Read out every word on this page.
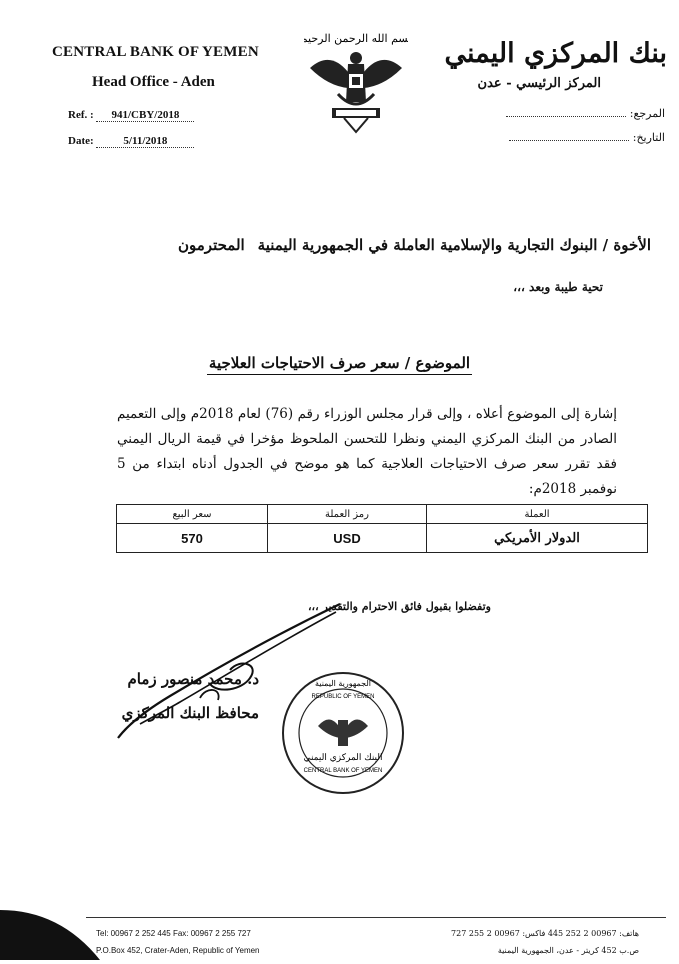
CENTRAL BANK OF YEMEN
Head Office - Aden
Ref. : 941/CBY/2018
Date:	5/11/2018
بسم الله الرحمن الرحيم بنك المركزي اليمني
المركز الرئيسي - عدن
المرجع:
التاريخ:
الأخوة / البنوك التجارية والإسلامية العاملة في الجمهورية اليمنية
المحترمون
تحية طيبة وبعد ،،،
الموضوع / سعر صرف الاحتياجات العلاجية
إشارة إلى الموضوع أعلاه ، وإلى قرار مجلس الوزراء رقم (76) لعام 2018م وإلى التعميم الصادر من البنك المركزي اليمني ونظرا للتحسن الملحوظ مؤخرا في قيمة الريال اليمني فقد تقرر سعر صرف الاحتياجات العلاجية كما هو موضح في الجدول أدناه ابتداء من 5 نوفمبر 2018م:
العملة	رمز العملة	سعر البيع
الدولار الأمريكي	USD	570
وتفضلوا بقبول فائق الاحترام والتقدير ،،،
د. محمد منصور زمام
محافظ البنك المركزي
الجمهورية اليمنية
REPUBLIC OF YEMEN
البنك المركزي اليمني
CENTRAL BANK OF YEMEN
Tel: 00967 2 252 445 Fax: 00967 2 255 727
P.O.Box 452, Crater-Aden, Republic of Yemen
هاتف: 00967 2 252 445 فاكس: 00967 2 255 727
ص.ب 452 كريتر - عدن، الجمهورية اليمنية
